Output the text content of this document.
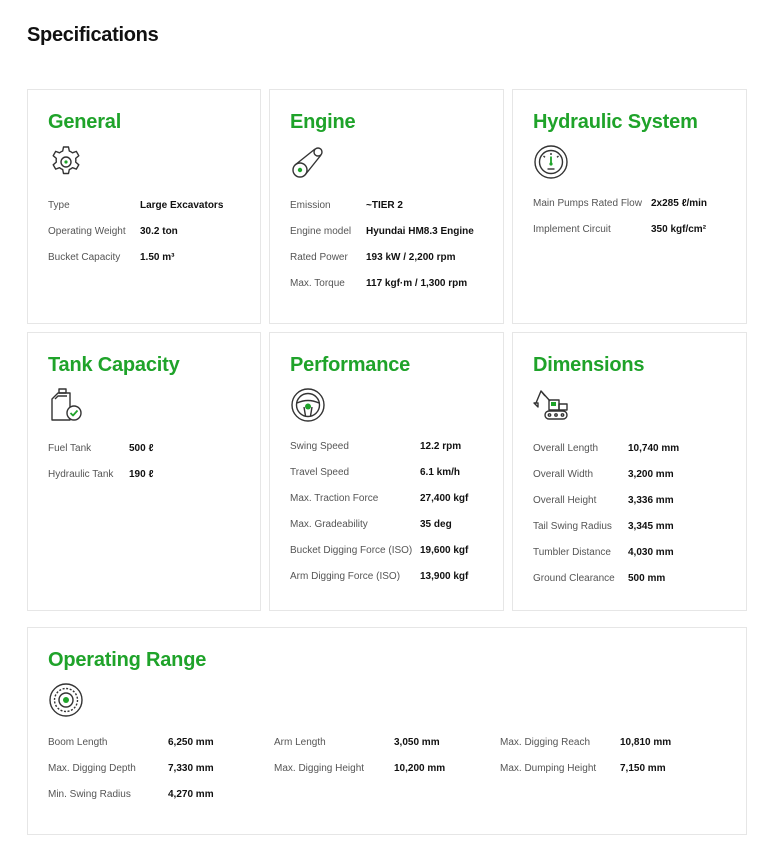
Specifications
General
Type	Large Excavators
Operating Weight 30.2 ton
Bucket Capacity 1.50 m³
Engine
Emission	~TIER 2
Engine model Hyundai HM8.3 Engine
Rated Power 193 kW / 2,200 rpm
Max. Torque 117 kgf·m / 1,300 rpm
Hydraulic System
Main Pumps Rated Flow 2x285 ℓ/min
Implement Circuit	350 kgf/cm²
Tank Capacity
Fuel Tank	500 ℓ
Hydraulic Tank 190 ℓ
Performance
Swing Speed	12.2 rpm
Travel Speed	6.1 km/h
Max. Traction Force	27,400 kgf
Max. Gradeability	35 deg
Bucket Digging Force (ISO) 19,600 kgf
Arm Digging Force (ISO) 13,900 kgf
Dimensions
Overall Length	10,740 mm
Overall Width	3,200 mm
Overall Height	3,336 mm
Tail Swing Radius 3,345 mm
Tumbler Distance 4,030 mm
Ground Clearance 500 mm
Operating Range
Boom Length	6,250 mm	Arm Length	3,050 mm	Max. Digging Reach	10,810 mm
Max. Digging Depth	7,330 mm	Max. Digging Height	10,200 mm	Max. Dumping Height 7,150 mm
Min. Swing Radius	4,270 mm
